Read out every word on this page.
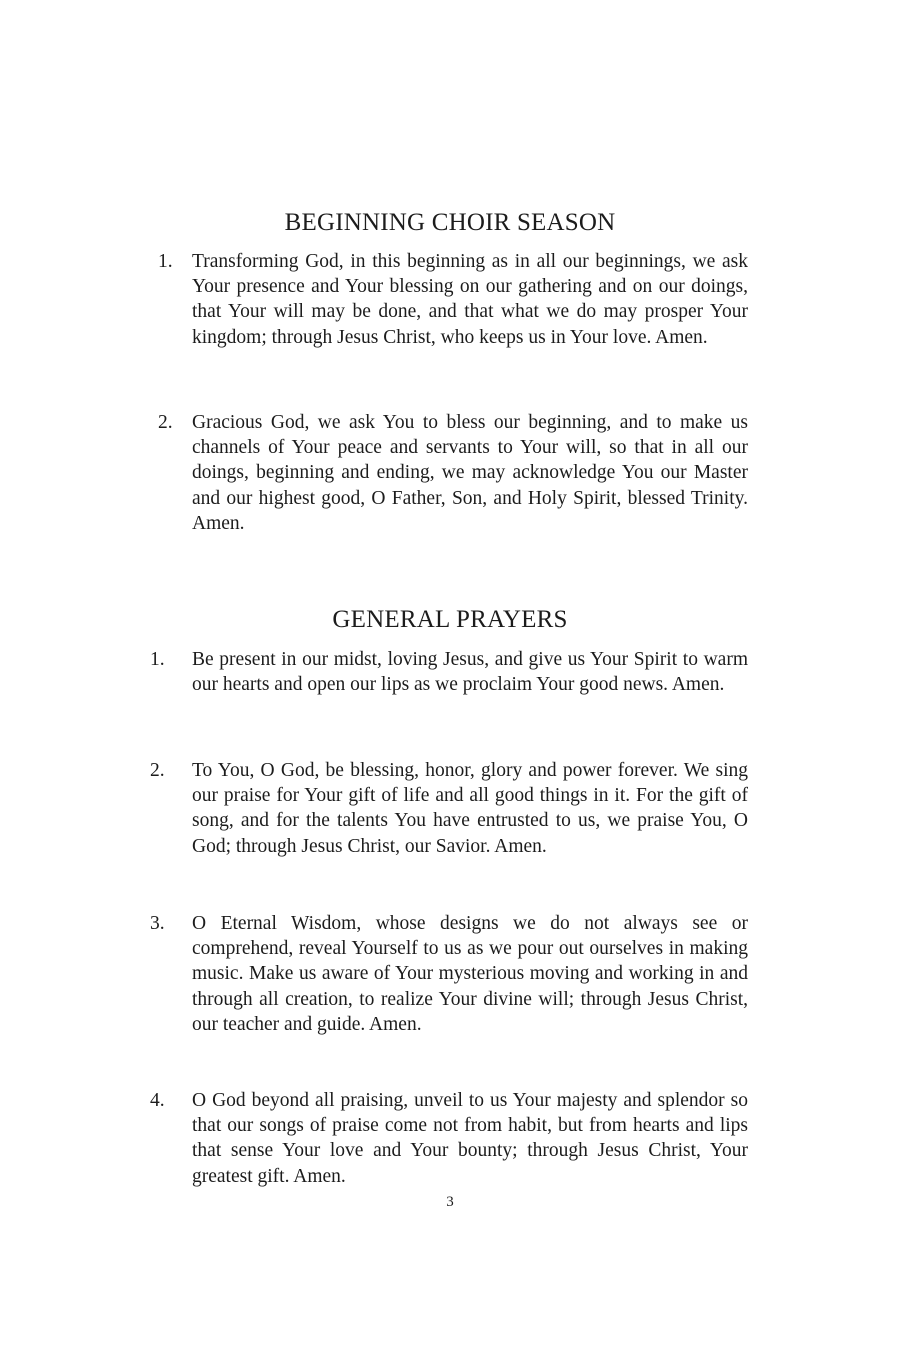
BEGINNING CHOIR SEASON
1. Transforming God, in this beginning as in all our beginnings, we ask Your presence and Your blessing on our gathering and on our doings, that Your will may be done, and that what we do may prosper Your kingdom; through Jesus Christ, who keeps us in Your love. Amen.
2. Gracious God, we ask You to bless our beginning, and to make us channels of Your peace and servants to Your will, so that in all our doings, beginning and ending, we may acknowledge You our Master and our highest good, O Father, Son, and Holy Spirit, blessed Trinity. Amen.
GENERAL PRAYERS
1.	Be present in our midst, loving Jesus, and give us Your Spirit to warm our hearts and open our lips as we proclaim Your good news. Amen.
2.	To You, O God, be blessing, honor, glory and power forever. We sing our praise for Your gift of life and all good things in it. For the gift of song, and for the talents You have entrusted to us, we praise You, O God; through Jesus Christ, our Savior. Amen.
3.	O Eternal Wisdom, whose designs we do not always see or comprehend, reveal Yourself to us as we pour out ourselves in making music. Make us aware of Your mysterious moving and working in and through all creation, to realize Your divine will; through Jesus Christ, our teacher and guide. Amen.
4.	O God beyond all praising, unveil to us Your majesty and splendor so that our songs of praise come not from habit, but from hearts and lips that sense Your love and Your bounty; through Jesus Christ, Your greatest gift. Amen.
3
